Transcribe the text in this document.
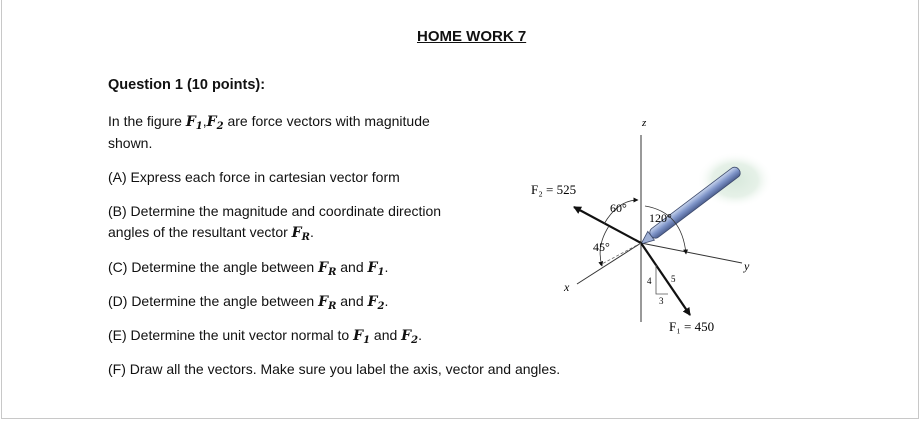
HOME WORK 7
Question 1 (10 points):
In the figure $F_1,F_2$ are force vectors with magnitude
shown.
(A) Express each force in cartesian vector form
(B) Determine the magnitude and coordinate direction
angles of the resultant vector $F_R$.
(C) Determine the angle between $F_R$ and $F_1$.
(D) Determine the angle between $F_R$ and $F_2$.
(E) Determine the unit vector normal to $F_1$ and $F_2$.
(F) Draw all the vectors. Make sure you label the axis, vector and angles.
z
x
y
F₂ = 525
F₁ = 450
60°
120°
45°
4 5
3
